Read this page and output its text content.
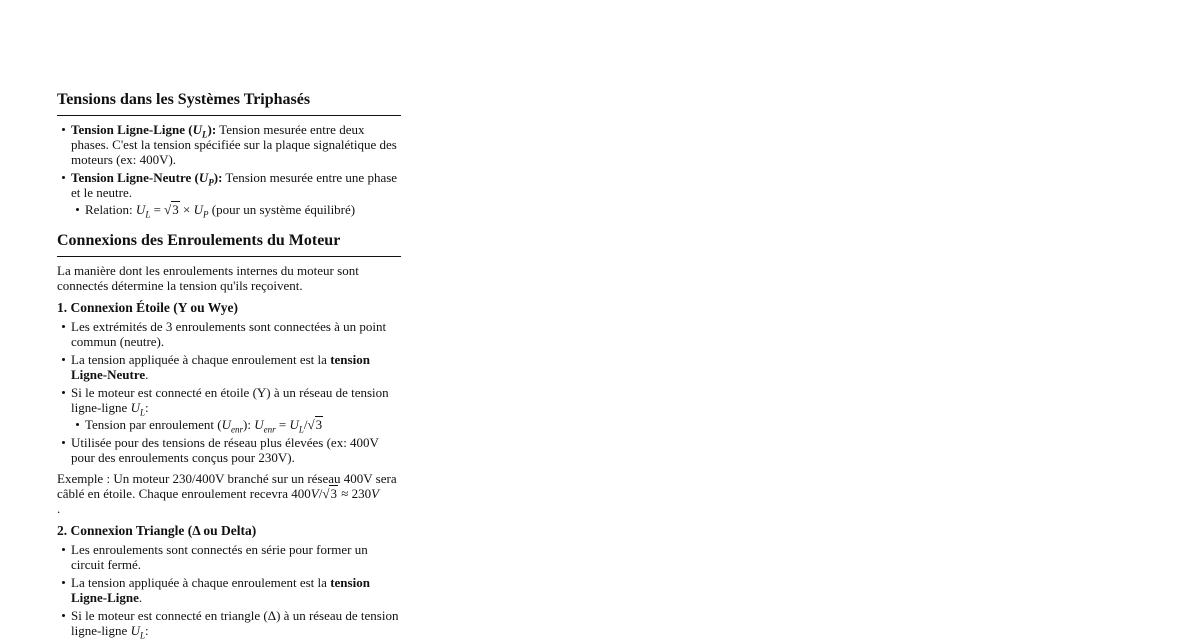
Tensions dans les Systèmes Triphasés
Tension Ligne-Ligne $(U_L)$: Tension mesurée entre deux phases. C'est la tension spécifiée sur la plaque signalétique des moteurs (ex: 400V).
Tension Ligne-Neutre $(U_P)$: Tension mesurée entre une phase et le neutre.
Relation: $U_L = √3 \times U_P$ (pour un système équilibré)
Connexions des Enroulements du Moteur

La manière dont les enroulements internes du moteur sont connectés détermine la tension qu'ils reçoivent.

1. Connexion Étoile (Y ou Wye)
Les extrémités de 3 enroulements sont connectées à un point commun (neutre).
La tension appliquée à chaque enroulement est la tension Ligne-Neutre.
Si le moteur est connecté en étoile (Y) à un réseau de tension ligne-ligne $U_L$:
Tension par enroulement $(U_{enr})$: $U_{enr} = U_L/√3$
Utilisée pour des tensions de réseau plus élevées (ex: 400V pour des enroulements conçus pour 230V).

Exemple : Un moteur 230/400V branché sur un réseau 400V sera câblé en étoile. Chaque enroulement recevra 400V/√3 ≈ 230V
.

2. Connexion Triangle (Δ ou Delta)
Les enroulements sont connectés en série pour former un circuit fermé.
La tension appliquée à chaque enroulement est la tension Ligne-Ligne.
Si le moteur est connecté en triangle (Δ) à un réseau de tension ligne-ligne $U_L$:
